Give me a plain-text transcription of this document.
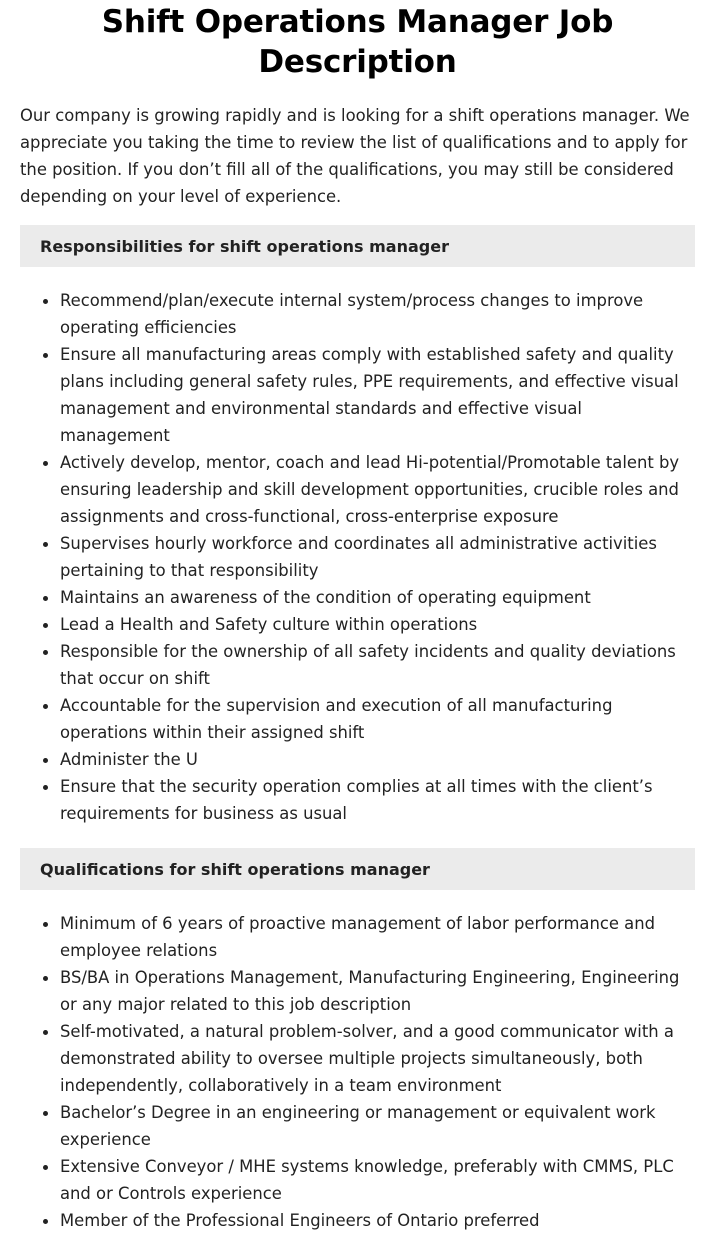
Shift Operations Manager Job Description

Our company is growing rapidly and is looking for a shift operations manager. We appreciate you taking the time to review the list of qualifications and to apply for the position. If you don’t fill all of the qualifications, you may still be considered depending on your level of experience.

Responsibilities for shift operations manager
Recommend/plan/execute internal system/process changes to improve operating efficiencies
Ensure all manufacturing areas comply with established safety and quality plans including general safety rules, PPE requirements, and effective visual management and environmental standards and effective visual management
Actively develop, mentor, coach and lead Hi-potential/Promotable talent by ensuring leadership and skill development opportunities, crucible roles and assignments and cross-functional, cross-enterprise exposure
Supervises hourly workforce and coordinates all administrative activities pertaining to that responsibility
Maintains an awareness of the condition of operating equipment
Lead a Health and Safety culture within operations
Responsible for the ownership of all safety incidents and quality deviations that occur on shift
Accountable for the supervision and execution of all manufacturing operations within their assigned shift
Administer the U
Ensure that the security operation complies at all times with the client’s requirements for business as usual
Qualifications for shift operations manager
Minimum of 6 years of proactive management of labor performance and employee relations
BS/BA in Operations Management, Manufacturing Engineering, Engineering or any major related to this job description
Self-motivated, a natural problem-solver, and a good communicator with a demonstrated ability to oversee multiple projects simultaneously, both independently, collaboratively in a team environment
Bachelor’s Degree in an engineering or management or equivalent work experience
Extensive Conveyor / MHE systems knowledge, preferably with CMMS, PLC and or Controls experience
Member of the Professional Engineers of Ontario preferred
